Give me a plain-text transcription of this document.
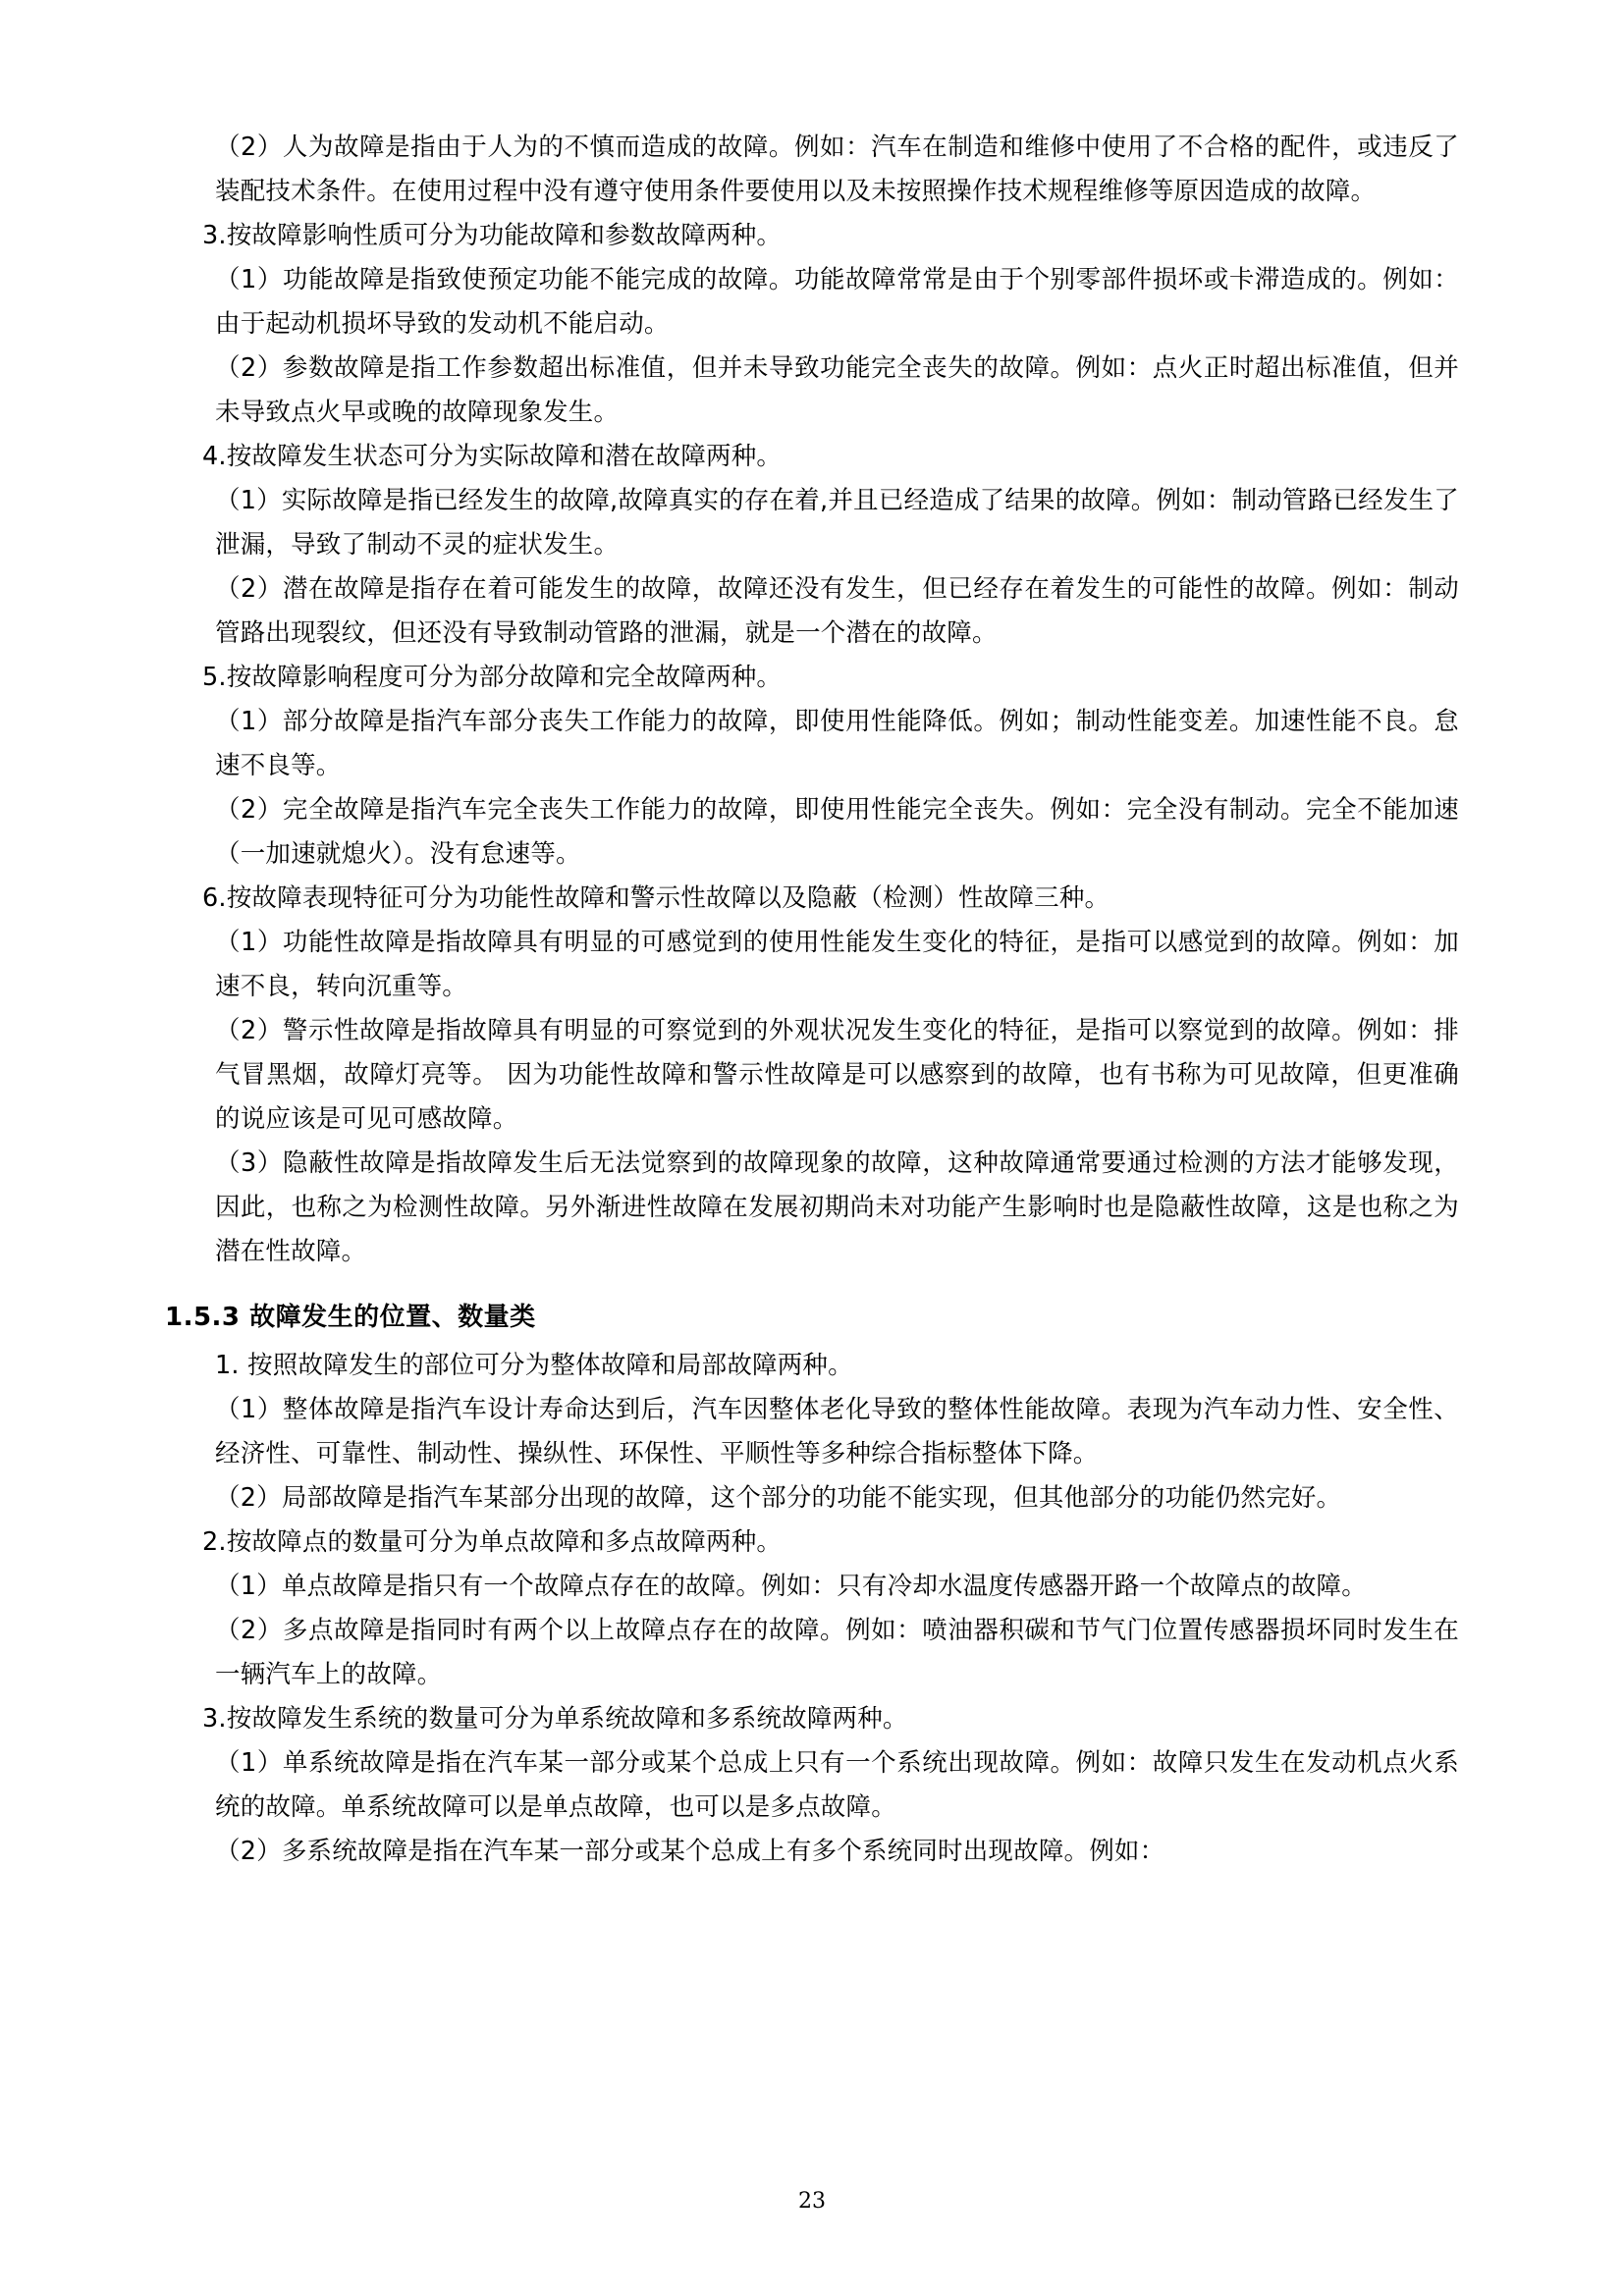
（2）人为故障是指由于人为的不慎而造成的故障。例如：汽车在制造和维修中使用了不合格的配件，或违反了装配技术条件。在使用过程中没有遵守使用条件要使用以及未按照操作技术规程维修等原因造成的故障。

3.按故障影响性质可分为功能故障和参数故障两种。

（1）功能故障是指致使预定功能不能完成的故障。功能故障常常是由于个别零部件损坏或卡滞造成的。例如：由于起动机损坏导致的发动机不能启动。

（2）参数故障是指工作参数超出标准值，但并未导致功能完全丧失的故障。例如：点火正时超出标准值，但并未导致点火早或晚的故障现象发生。

4.按故障发生状态可分为实际故障和潜在故障两种。

（1）实际故障是指已经发生的故障,故障真实的存在着,并且已经造成了结果的故障。例如：制动管路已经发生了泄漏，导致了制动不灵的症状发生。

（2）潜在故障是指存在着可能发生的故障，故障还没有发生，但已经存在着发生的可能性的故障。例如：制动管路出现裂纹，但还没有导致制动管路的泄漏，就是一个潜在的故障。

5.按故障影响程度可分为部分故障和完全故障两种。

（1）部分故障是指汽车部分丧失工作能力的故障，即使用性能降低。例如；制动性能变差。加速性能不良。怠速不良等。

（2）完全故障是指汽车完全丧失工作能力的故障，即使用性能完全丧失。例如：完全没有制动。完全不能加速（一加速就熄火）。没有怠速等。

6.按故障表现特征可分为功能性故障和警示性故障以及隐蔽（检测）性故障三种。

（1）功能性故障是指故障具有明显的可感觉到的使用性能发生变化的特征，是指可以感觉到的故障。例如：加速不良，转向沉重等。

（2）警示性故障是指故障具有明显的可察觉到的外观状况发生变化的特征，是指可以察觉到的故障。例如：排气冒黑烟，故障灯亮等。 因为功能性故障和警示性故障是可以感察到的故障，也有书称为可见故障，但更准确的说应该是可见可感故障。

（3）隐蔽性故障是指故障发生后无法觉察到的故障现象的故障，这种故障通常要通过检测的方法才能够发现，因此，也称之为检测性故障。另外渐进性故障在发展初期尚未对功能产生影响时也是隐蔽性故障，这是也称之为潜在性故障。

1.5.3 故障发生的位置、数量类

1. 按照故障发生的部位可分为整体故障和局部故障两种。

（1）整体故障是指汽车设计寿命达到后，汽车因整体老化导致的整体性能故障。表现为汽车动力性、安全性、经济性、可靠性、制动性、操纵性、环保性、平顺性等多种综合指标整体下降。

（2）局部故障是指汽车某部分出现的故障，这个部分的功能不能实现，但其他部分的功能仍然完好。

2.按故障点的数量可分为单点故障和多点故障两种。

（1）单点故障是指只有一个故障点存在的故障。例如：只有冷却水温度传感器开路一个故障点的故障。

（2）多点故障是指同时有两个以上故障点存在的故障。例如：喷油器积碳和节气门位置传感器损坏同时发生在一辆汽车上的故障。

3.按故障发生系统的数量可分为单系统故障和多系统故障两种。

（1）单系统故障是指在汽车某一部分或某个总成上只有一个系统出现故障。例如：故障只发生在发动机点火系统的故障。单系统故障可以是单点故障，也可以是多点故障。

（2）多系统故障是指在汽车某一部分或某个总成上有多个系统同时出现故障。例如：

23
